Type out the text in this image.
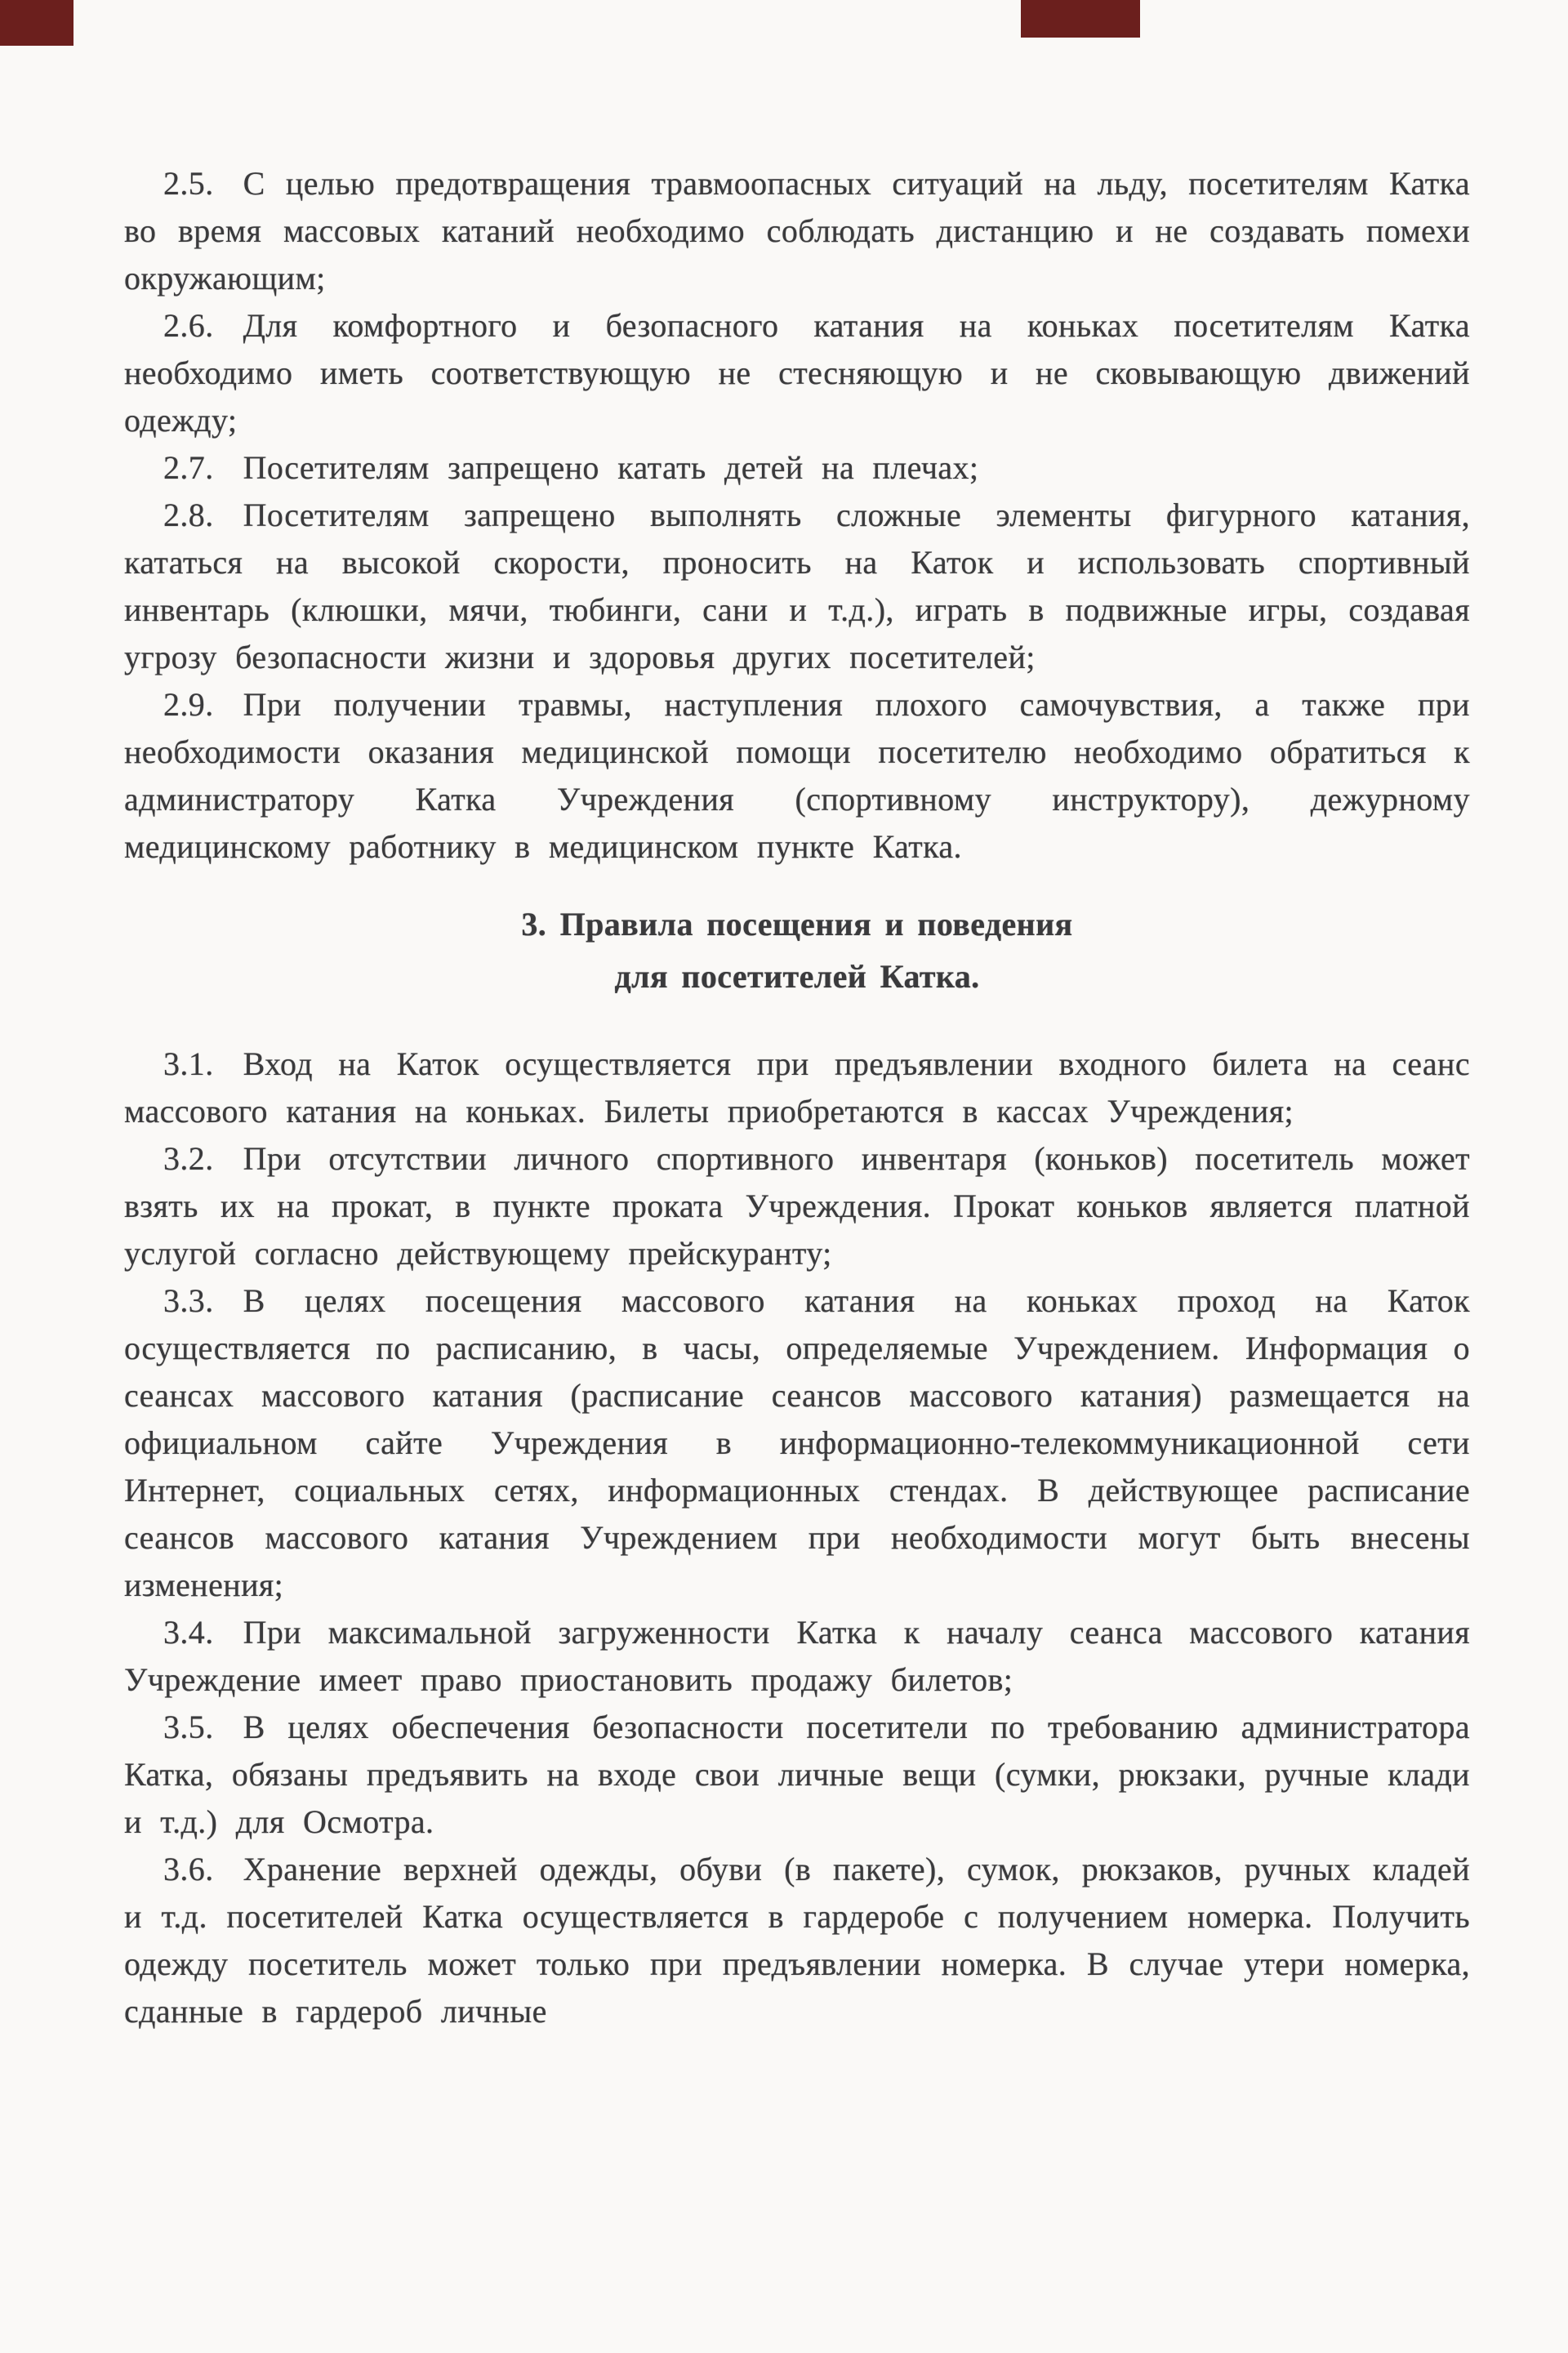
2.5. С целью предотвращения травмоопасных ситуаций на льду, посетителям Катка во время массовых катаний необходимо соблюдать дистанцию и не создавать помехи окружающим;

2.6. Для комфортного и безопасного катания на коньках посетителям Катка необходимо иметь соответствующую не стесняющую и не сковывающую движений одежду;

2.7. Посетителям запрещено катать детей на плечах;

2.8. Посетителям запрещено выполнять сложные элементы фигурного катания, кататься на высокой скорости, проносить на Каток и использовать спортивный инвентарь (клюшки, мячи, тюбинги, сани и т.д.), играть в подвижные игры, создавая угрозу безопасности жизни и здоровья других посетителей;

2.9. При получении травмы, наступления плохого самочувствия, а также при необходимости оказания медицинской помощи посетителю необходимо обратиться к администратору Катка Учреждения (спортивному инструктору), дежурному медицинскому работнику в медицинском пункте Катка.

3. Правила посещения и поведения
для посетителей Катка.

3.1. Вход на Каток осуществляется при предъявлении входного билета на сеанс массового катания на коньках. Билеты приобретаются в кассах Учреждения;

3.2. При отсутствии личного спортивного инвентаря (коньков) посетитель может взять их на прокат, в пункте проката Учреждения. Прокат коньков является платной услугой согласно действующему прейскуранту;

3.3. В целях посещения массового катания на коньках проход на Каток осуществляется по расписанию, в часы, определяемые Учреждением. Информация о сеансах массового катания (расписание сеансов массового катания) размещается на официальном сайте Учреждения в информационно-телекоммуникационной сети Интернет, социальных сетях, информационных стендах. В действующее расписание сеансов массового катания Учреждением при необходимости могут быть внесены изменения;

3.4. При максимальной загруженности Катка к началу сеанса массового катания Учреждение имеет право приостановить продажу билетов;

3.5. В целях обеспечения безопасности посетители по требованию администратора Катка, обязаны предъявить на входе свои личные вещи (сумки, рюкзаки, ручные клади и т.д.) для Осмотра.

3.6. Хранение верхней одежды, обуви (в пакете), сумок, рюкзаков, ручных кладей и т.д. посетителей Катка осуществляется в гардеробе с получением номерка. Получить одежду посетитель может только при предъявлении номерка. В случае утери номерка, сданные в гардероб личные
